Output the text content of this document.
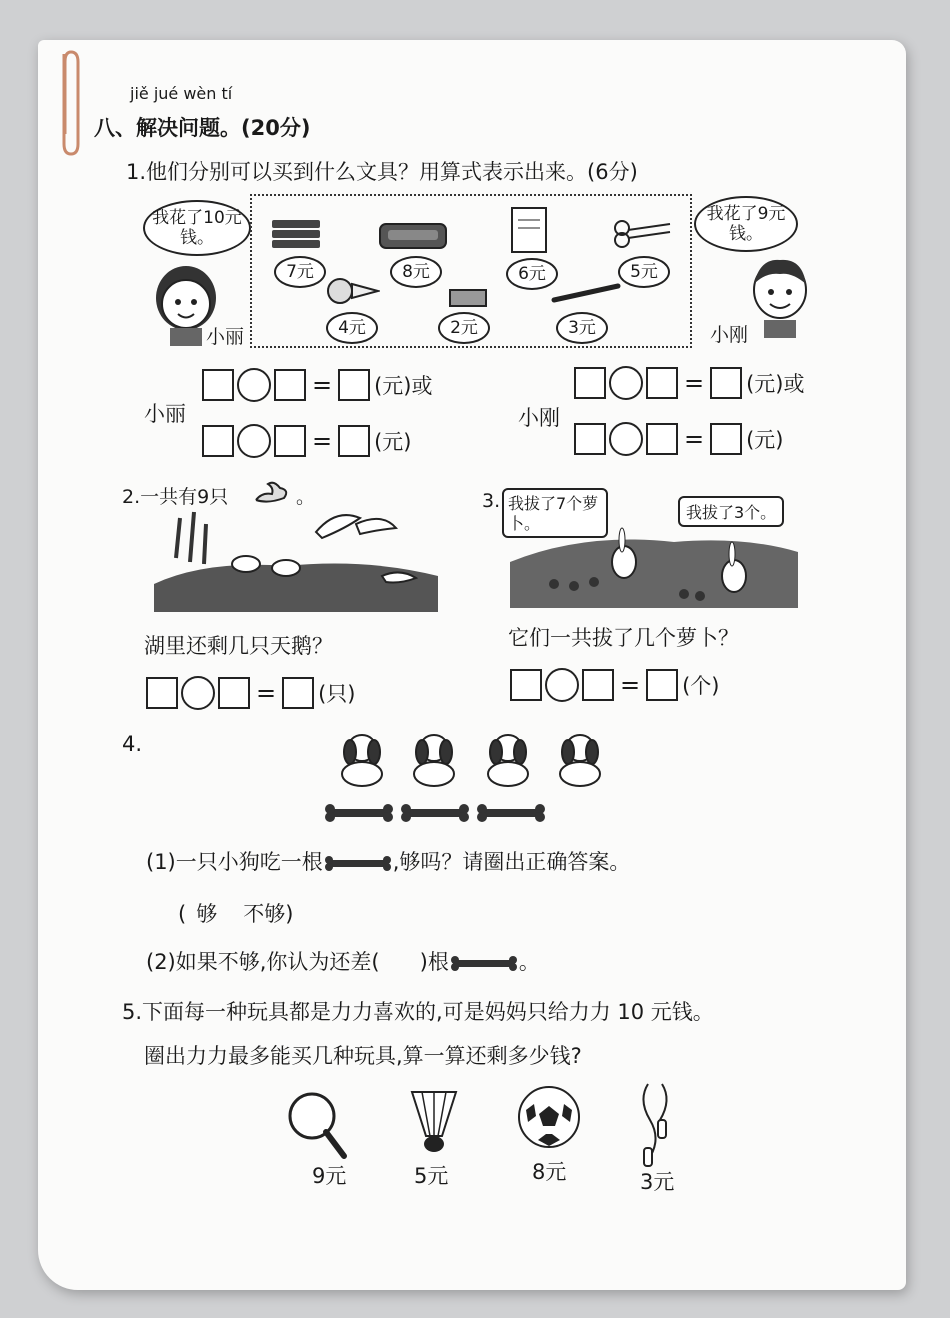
jiě jué wèn tí
八、解决问题。(20分)
1.他们分别可以买到什么文具？用算式表示出来。(6分)
我花了10元钱。
小丽
7元	8元	6元	5元
4元	2元	3元
我花了9元钱。
小刚
小丽
= (元)或
= (元)
小刚
= (元)或
= (元)
2.一共有9只	。
湖里还剩几只天鹅？
= (只)
3. 我拔了7个萝卜。
我拔了3个。
它们一共拔了几个萝卜？
= (个)
4.
(1)一只小狗吃一根	,够吗？请圈出正确答案。
( 够 不够)
(2)如果不够,你认为还差( )根	。
5.下面每一种玩具都是力力喜欢的,可是妈妈只给力力 10 元钱。
圈出力力最多能买几种玩具,算一算还剩多少钱?
9元	5元	8元	3元
